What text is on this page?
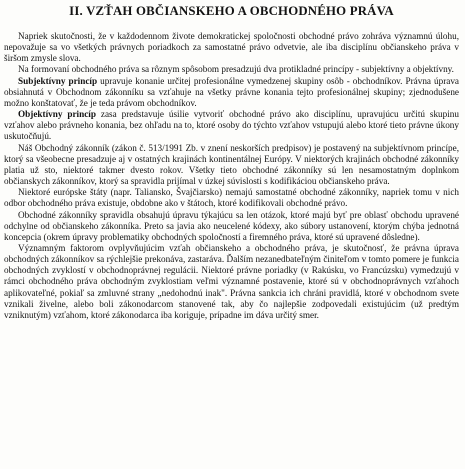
II. VZŤAH OBČIANSKEHO A OBCHODNÉHO PRÁVA

Napriek skutočnosti, že v každodennom živote demokratickej spoločnosti obchodné právo zohráva významnú úlohu, nepovažuje sa vo všetkých právnych poriadkoch za samostatné právo odvetvie, ale iba disciplínu občianskeho práva v širšom zmysle slova.

Na formovaní obchodného práva sa rôznym spôsobom presadzujú dva protikladné princípy - subjektívny a objektívny.

Subjektívny princíp upravuje konanie určitej profesionálne vymedzenej skupiny osôb - obchodníkov. Právna úprava obsiahnutá v Obchodnom zákonníku sa vzťahuje na všetky právne konania tejto profesionálnej skupiny; zjednodušene možno konštatovať, že je teda právom obchodníkov.

Objektívny princíp zasa predstavuje úsilie vytvoriť obchodné právo ako disciplínu, upravujúcu určitú skupinu vzťahov alebo právneho konania, bez ohľadu na to, ktoré osoby do týchto vzťahov vstupujú alebo ktoré tieto právne úkony uskutočňujú.

Náš Obchodný zákonník (zákon č. 513/1991 Zb. v znení neskorších predpisov) je postavený na subjektívnom princípe, ktorý sa všeobecne presadzuje aj v ostatných krajinách kontinentálnej Európy. V niektorých krajinách obchodné zákonníky platia už sto, niektoré takmer dvesto rokov. Všetky tieto obchodné zákonníky sú len nesamostatným doplnkom občianskych zákonníkov, ktorý sa spravidla prijímal v úzkej súvislosti s kodifikáciou občianskeho práva.

Niektoré európske štáty (napr. Taliansko, Švajčiarsko) nemajú samostatné obchodné zákonníky, napriek tomu v nich odbor obchodného práva existuje, obdobne ako v štátoch, ktoré kodifikovali obchodné právo.

Obchodné zákonníky spravidla obsahujú úpravu týkajúcu sa len otázok, ktoré majú byť pre oblasť obchodu upravené odchylne od občianskeho zákonníka. Preto sa javia ako neucelené kódexy, ako súbory ustanovení, ktorým chýba jednotná koncepcia (okrem úpravy problematiky obchodných spoločností a firemného práva, ktoré sú upravené dôsledne).

Významným faktorom ovplyvňujúcim vzťah občianskeho a obchodného práva, je skutočnosť, že právna úprava obchodných zákonníkov sa rýchlejšie prekonáva, zastaráva. Ďalším nezanedbateľným činiteľom v tomto pomere je funkcia obchodných zvyklostí v obchodnoprávnej regulácii. Niektoré právne poriadky (v Rakúsku, vo Francúzsku) vymedzujú v rámci obchodného práva obchodným zvyklostiam veľmi významné postavenie, ktoré sú v obchodnoprávnych vzťahoch aplikovateľné, pokiaľ sa zmluvné strany „nedohodnú inak". Právna sankcia ich chráni pravidlá, ktoré v obchodnom svete vznikali živelne, alebo boli zákonodarcom stanovené tak, aby čo najlepšie zodpovedali existujúcim (už predtým vzniknutým) vzťahom, ktoré zákonodarca iba koriguje, prípadne im dáva určitý smer.
